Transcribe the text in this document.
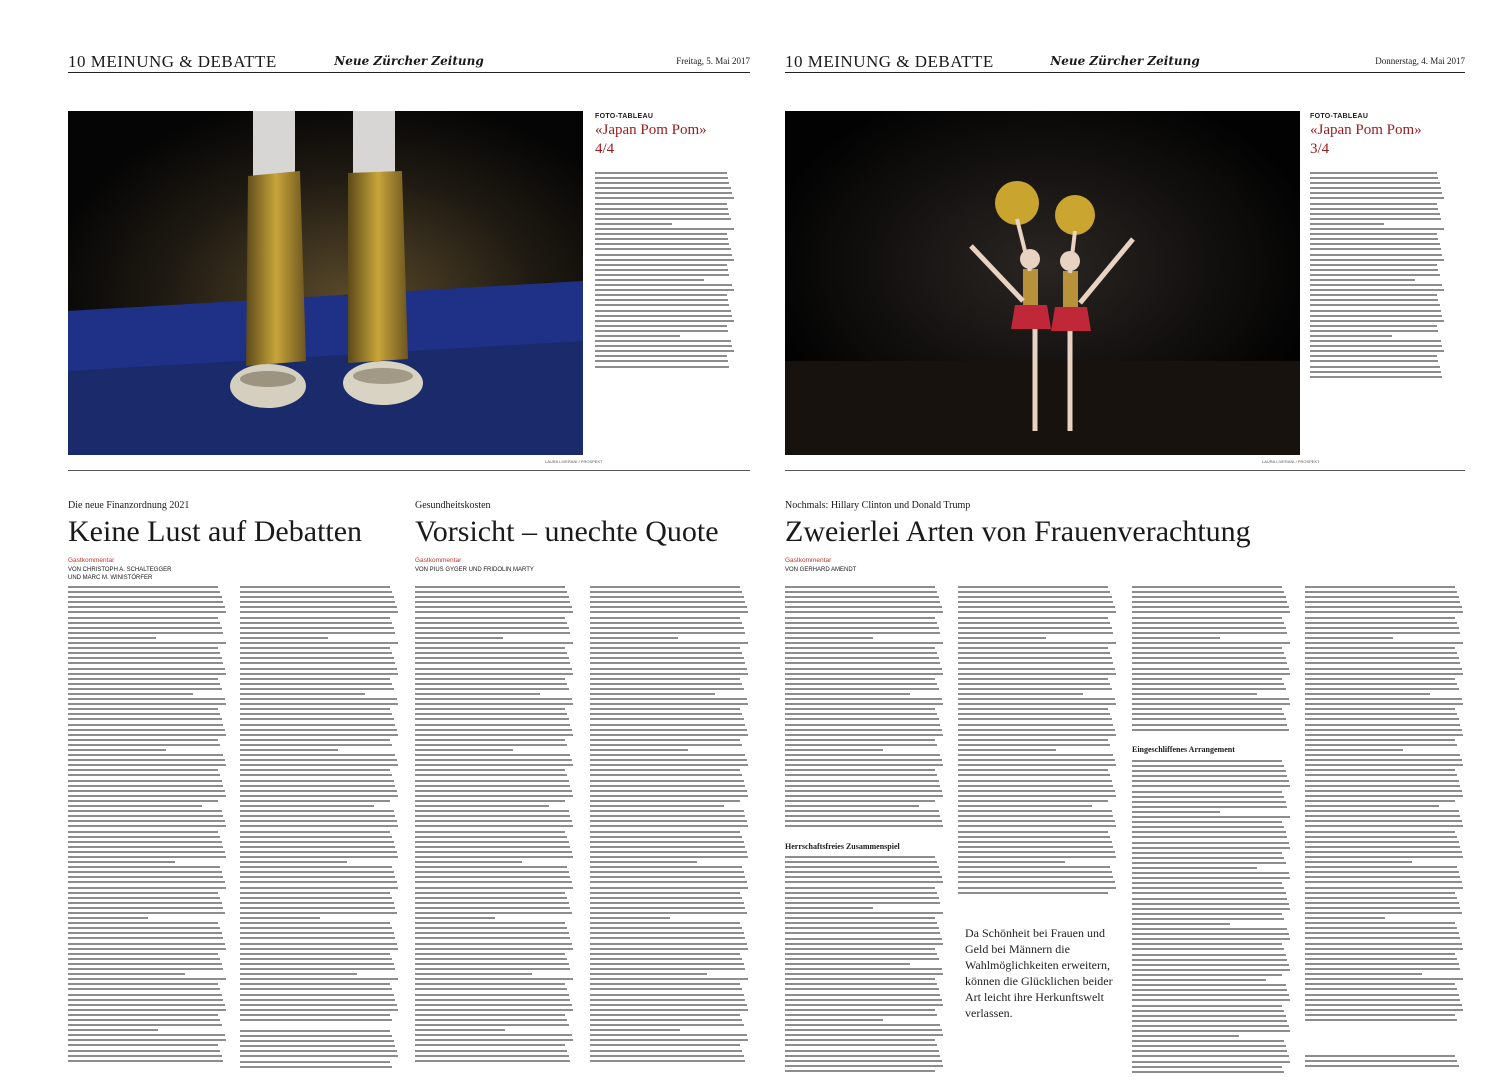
10 MEINUNG & DEBATTE	Neue Zürcher Zeitung	Freitag, 5. Mai 2017
LAURA LIVERANI / PROSPEKT
FOTO-TABLEAU
«Japan Pom Pom»
4/4
Die neue Finanzordnung 2021
Keine Lust auf Debatten
Gastkommentar
VON CHRISTOPH A. SCHALTEGGER
UND MARC M. WINISTÖRFER
Gesundheitskosten
Vorsicht – unechte Quote
Gastkommentar
VON PIUS GYGER UND FRIDOLIN MARTY
10 MEINUNG & DEBATTE	Neue Zürcher Zeitung	Donnerstag, 4. Mai 2017
LAURA LIVERANI / PROSPEKT
FOTO-TABLEAU
«Japan Pom Pom»
3/4
Nochmals: Hillary Clinton und Donald Trump
Zweierlei Arten von Frauenverachtung
Gastkommentar
VON GERHARD AMENDT
Herrschaftsfreies Zusammenspiel
Da Schönheit bei Frauen und Geld bei Männern die Wahlmöglichkeiten erweitern, können die Glücklichen beider Art leicht ihre Herkunftswelt verlassen.
Eingeschliffenes Arrangement
